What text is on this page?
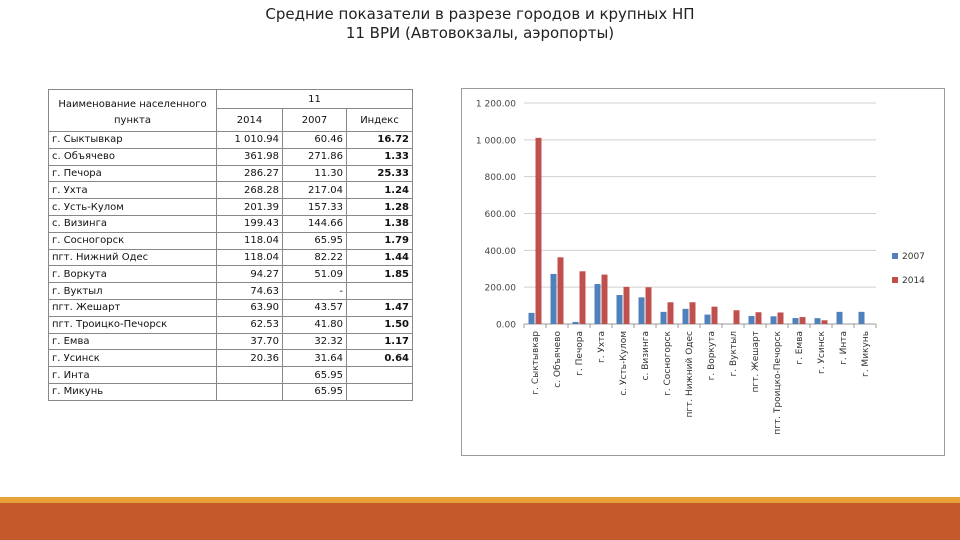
Средние показатели в разрезе городов и крупных НП
11 ВРИ (Автовокзалы, аэропорты)
Наименование населенного пункта	11		
	2014	2007	Индекс
г. Сыктывкар	1 010.94	60.46	16.72
с. Объячево	361.98	271.86	1.33
г. Печора	286.27	11.30	25.33
г. Ухта	268.28	217.04	1.24
с. Усть-Кулом	201.39	157.33	1.28
с. Визинга	199.43	144.66	1.38
г. Сосногорск	118.04	65.95	1.79
пгт. Нижний Одес	118.04	82.22	1.44
г. Воркута	94.27	51.09	1.85
г. Вуктыл	74.63	-	
пгт. Жешарт	63.90	43.57	1.47
пгт. Троицко-Печорск	62.53	41.80	1.50
г. Емва	37.70	32.32	1.17
г. Усинск	20.36	31.64	0.64
г. Инта		65.95	
г. Микунь		65.95	
0.00
200.00
400.00
600.00
800.00
1 000.00
1 200.00
г. Сыктывкар с. Объячево г. Печора г. Ухта с. Усть-Кулом с. Визинга г. Сосногорск пгт. Нижний Одес г. Воркута г. Вуктыл пгт. Жешарт пгт. Троицко-Печорск г. Емва г. Усинск г. Инта г. Микунь
2007
2014
